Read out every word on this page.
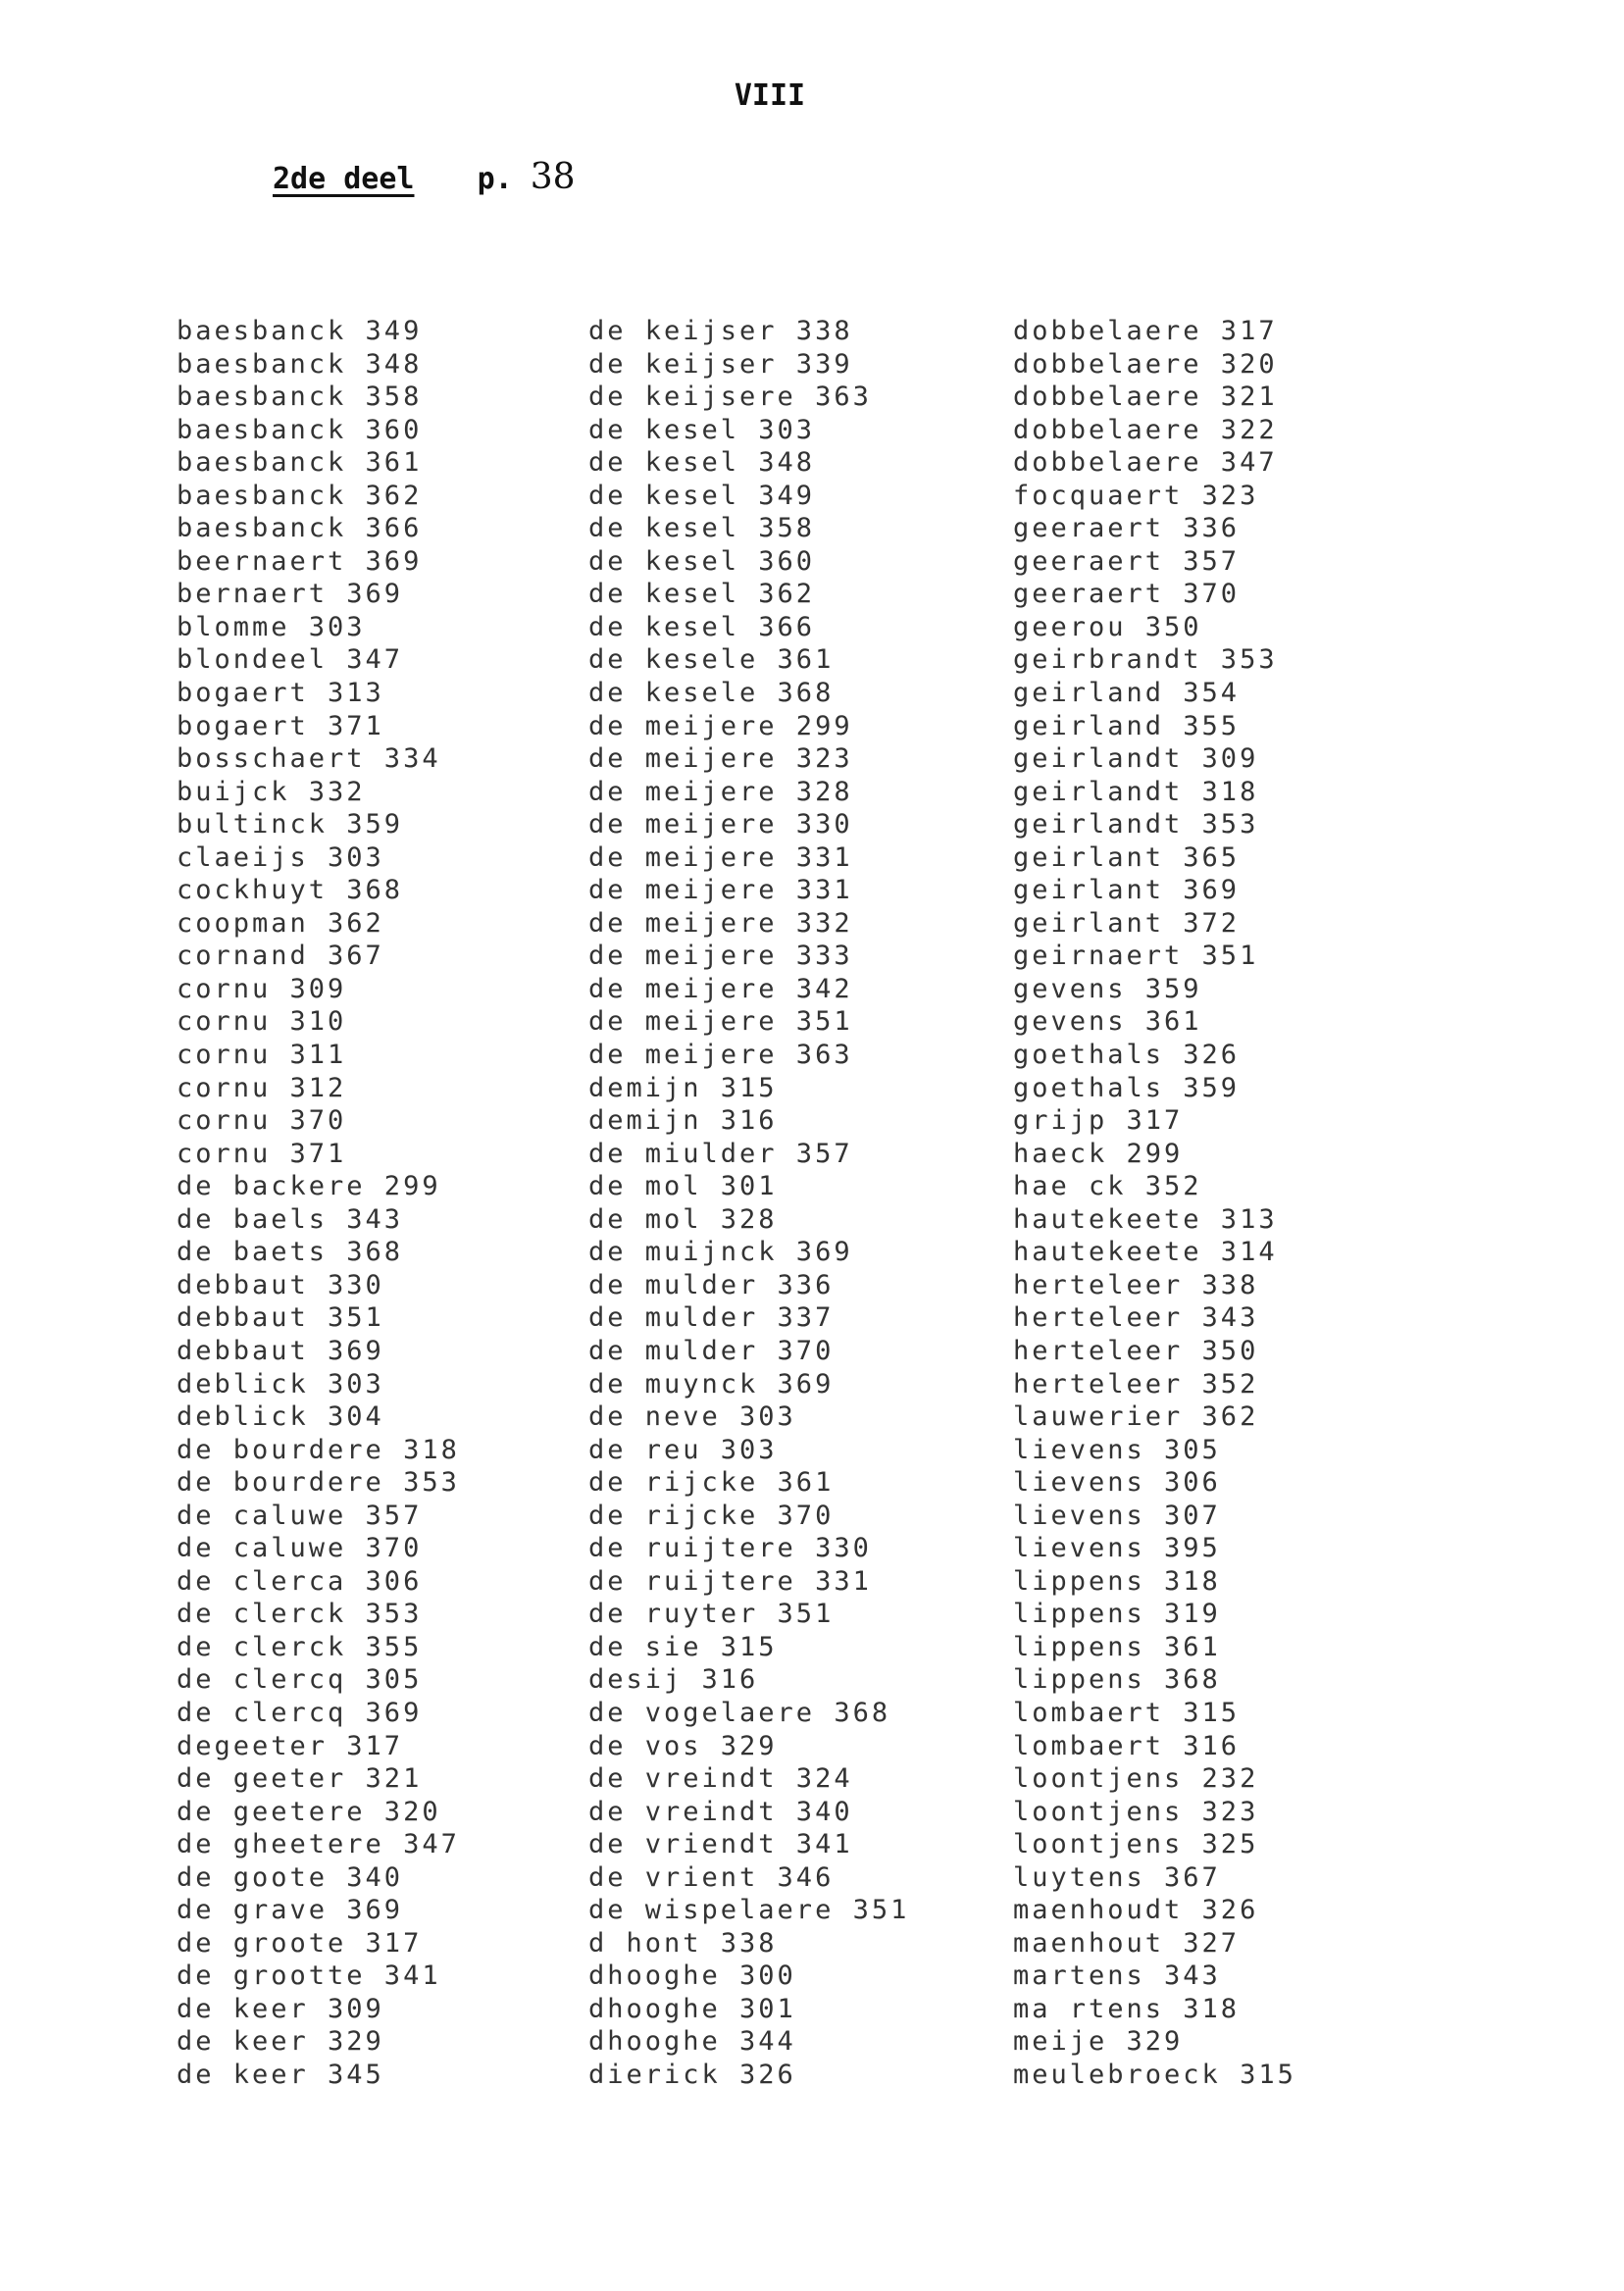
VIII
2de deel p. 38
baesbanck 349
baesbanck 348
baesbanck 358
baesbanck 360
baesbanck 361
baesbanck 362
baesbanck 366
beernaert 369
bernaert 369
blomme 303
blondeel 347
bogaert 313
bogaert 371
bosschaert 334
buijck 332
bultinck 359
claeijs 303
cockhuyt 368
coopman 362
cornand 367
cornu 309
cornu 310
cornu 311
cornu 312
cornu 370
cornu 371
de backere 299
de baels 343
de baets 368
debbaut 330
debbaut 351
debbaut 369
deblick 303
deblick 304
de bourdere 318
de bourdere 353
de caluwe 357
de caluwe 370
de clerca 306
de clerck 353
de clerck 355
de clercq 305
de clercq 369
degeeter 317
de geeter 321
de geetere 320
de gheetere 347
de goote 340
de grave 369
de groote 317
de grootte 341
de keer 309
de keer 329
de keer 345
de keijser 338
de keijser 339
de keijsere 363
de kesel 303
de kesel 348
de kesel 349
de kesel 358
de kesel 360
de kesel 362
de kesel 366
de kesele 361
de kesele 368
de meijere 299
de meijere 323
de meijere 328
de meijere 330
de meijere 331
de meijere 331
de meijere 332
de meijere 333
de meijere 342
de meijere 351
de meijere 363
demijn 315
demijn 316
de miulder 357
de mol 301
de mol 328
de muijnck 369
de mulder 336
de mulder 337
de mulder 370
de muynck 369
de neve 303
de reu 303
de rijcke 361
de rijcke 370
de ruijtere 330
de ruijtere 331
de ruyter 351
de sie 315
desij 316
de vogelaere 368
de vos 329
de vreindt 324
de vreindt 340
de vriendt 341
de vrient 346
de wispelaere 351
d hont 338
dhooghe 300
dhooghe 301
dhooghe 344
dierick 326
dobbelaere 317
dobbelaere 320
dobbelaere 321
dobbelaere 322
dobbelaere 347
focquaert 323
geeraert 336
geeraert 357
geeraert 370
geerou 350
geirbrandt 353
geirland 354
geirland 355
geirlandt 309
geirlandt 318
geirlandt 353
geirlant 365
geirlant 369
geirlant 372
geirnaert 351
gevens 359
gevens 361
goethals 326
goethals 359
grijp 317
haeck 299
hae ck 352
hautekeete 313
hautekeete 314
herteleer 338
herteleer 343
herteleer 350
herteleer 352
lauwerier 362
lievens 305
lievens 306
lievens 307
lievens 395
lippens 318
lippens 319
lippens 361
lippens 368
lombaert 315
lombaert 316
loontjens 232
loontjens 323
loontjens 325
luytens 367
maenhoudt 326
maenhout 327
martens 343
ma rtens 318
meije 329
meulebroeck 315
